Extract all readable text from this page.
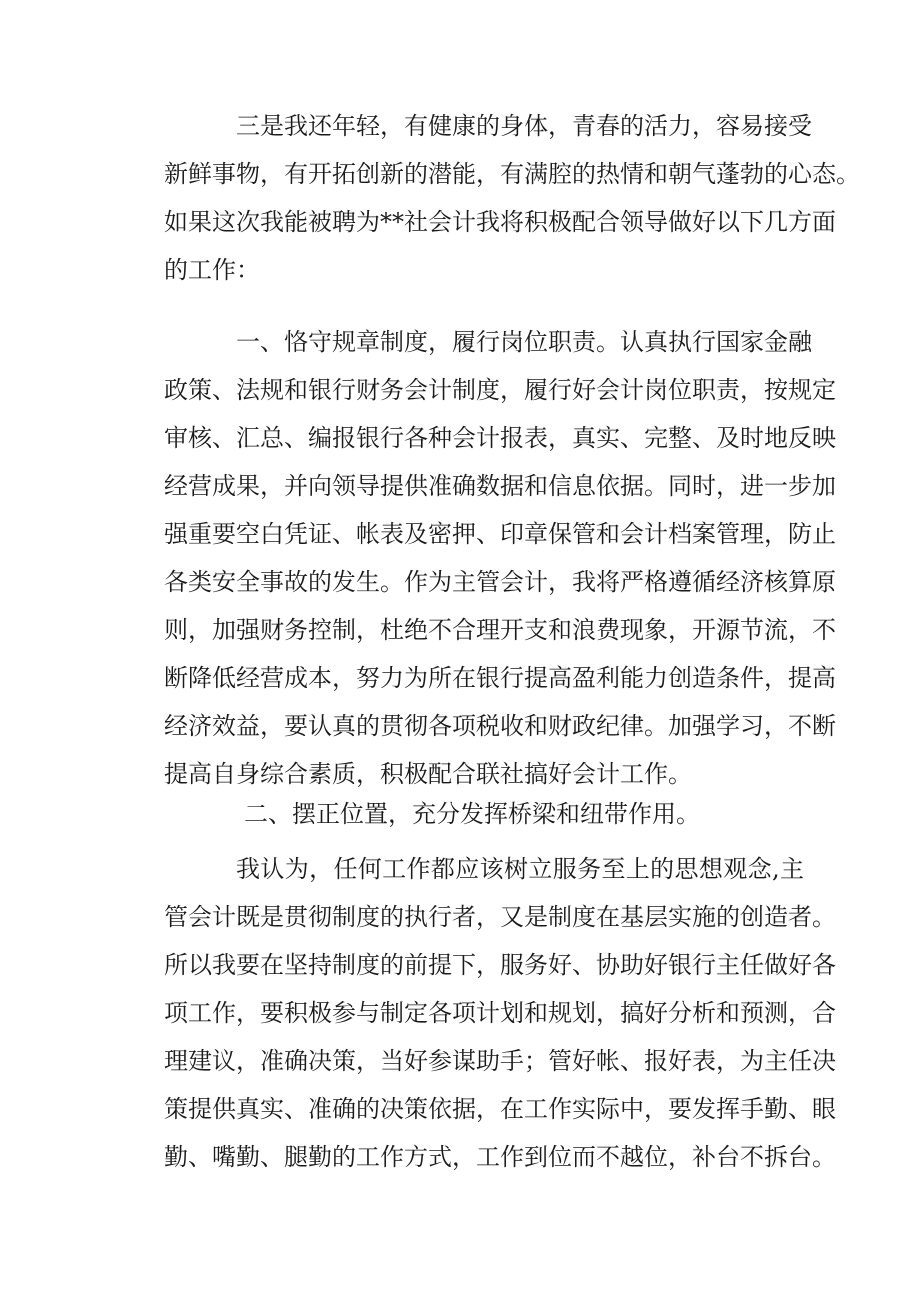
三是我还年轻，有健康的身体，青春的活力，容易接受
新鲜事物，有开拓创新的潜能，有满腔的热情和朝气蓬勃的心态。
如果这次我能被聘为**社会计我将积极配合领导做好以下几方面
的工作：
一、恪守规章制度，履行岗位职责。认真执行国家金融
政策、法规和银行财务会计制度，履行好会计岗位职责，按规定
审核、汇总、编报银行各种会计报表，真实、完整、及时地反映
经营成果，并向领导提供准确数据和信息依据。同时，进一步加
强重要空白凭证、帐表及密押、印章保管和会计档案管理，防止
各类安全事故的发生。作为主管会计，我将严格遵循经济核算原
则，加强财务控制，杜绝不合理开支和浪费现象，开源节流，不
断降低经营成本，努力为所在银行提高盈利能力创造条件，提高
经济效益，要认真的贯彻各项税收和财政纪律。加强学习，不断
提高自身综合素质，积极配合联社搞好会计工作。
二、摆正位置，充分发挥桥梁和纽带作用。
我认为，任何工作都应该树立服务至上的思想观念,主
管会计既是贯彻制度的执行者，又是制度在基层实施的创造者。
所以我要在坚持制度的前提下，服务好、协助好银行主任做好各
项工作，要积极参与制定各项计划和规划，搞好分析和预测，合
理建议，准确决策，当好参谋助手；管好帐、报好表，为主任决
策提供真实、准确的决策依据，在工作实际中，要发挥手勤、眼
勤、嘴勤、腿勤的工作方式，工作到位而不越位，补台不拆台。
